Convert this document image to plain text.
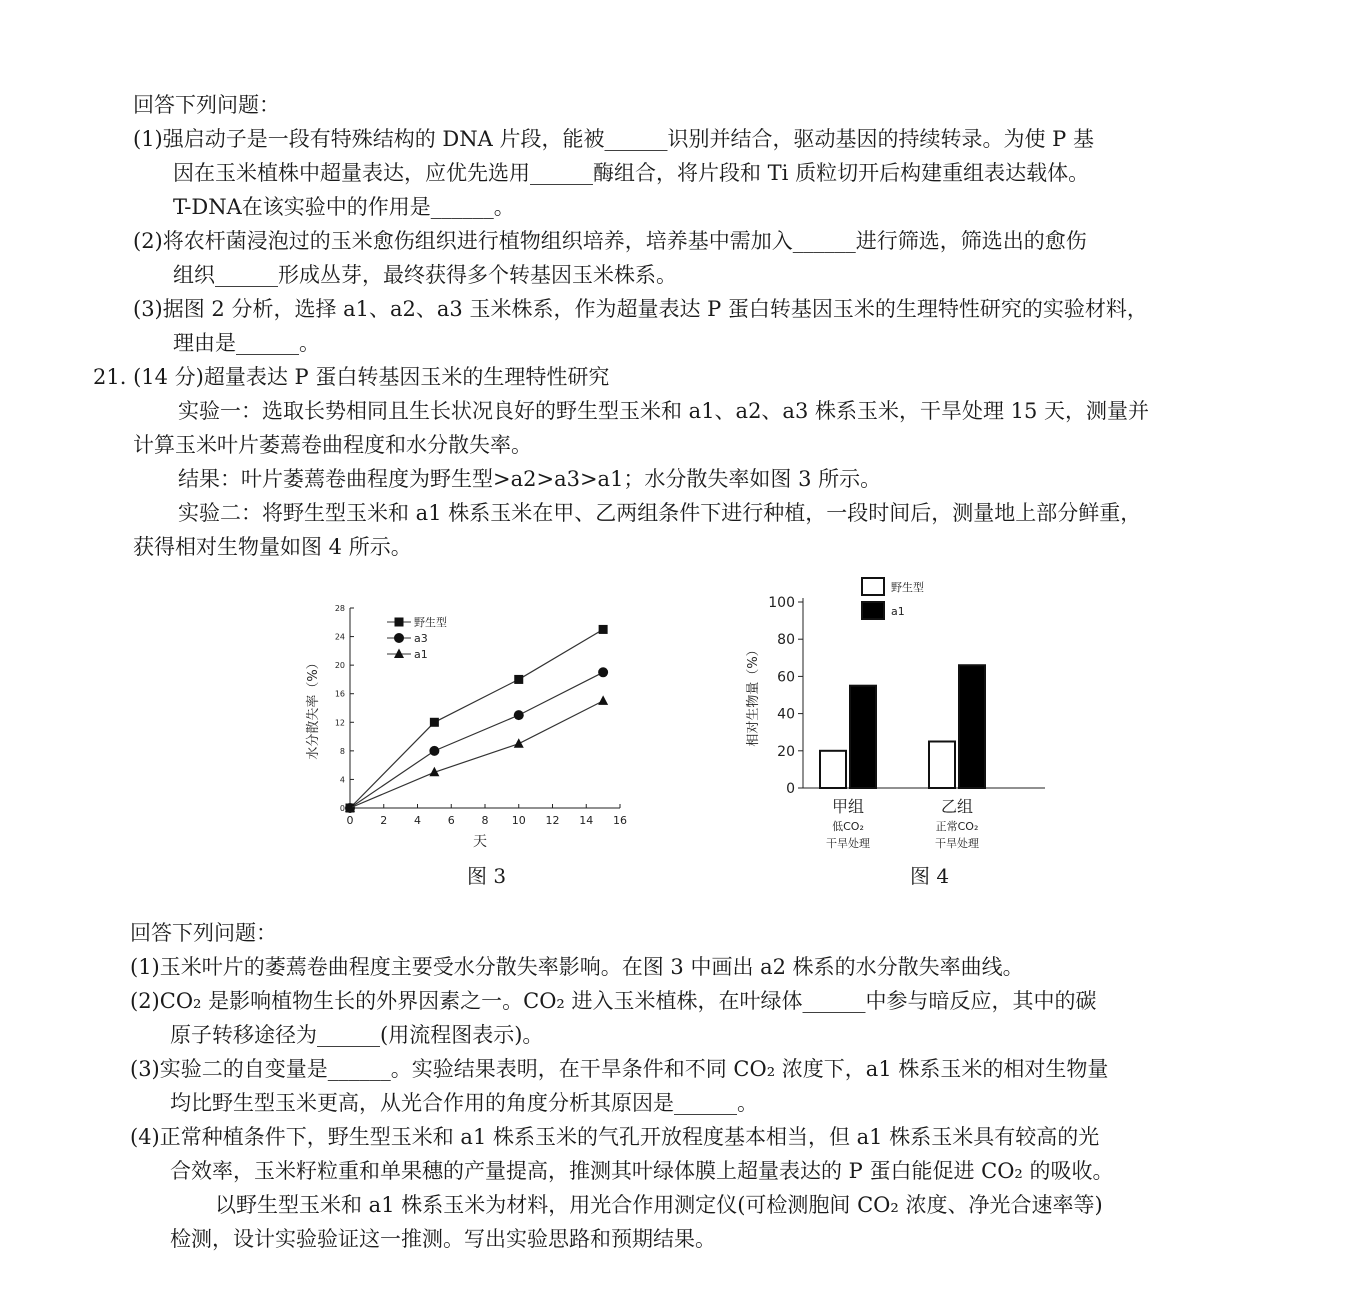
回答下列问题：
(1)强启动子是一段有特殊结构的 DNA 片段，能被______识别并结合，驱动基因的持续转录。为使 P 基
因在玉米植株中超量表达，应优先选用______酶组合，将片段和 Ti 质粒切开后构建重组表达载体。
T-DNA在该实验中的作用是______。
(2)将农杆菌浸泡过的玉米愈伤组织进行植物组织培养，培养基中需加入______进行筛选，筛选出的愈伤
组织______形成丛芽，最终获得多个转基因玉米株系。
(3)据图 2 分析，选择 a1、a2、a3 玉米株系，作为超量表达 P 蛋白转基因玉米的生理特性研究的实验材料，
理由是______。
21. (14 分)超量表达 P 蛋白转基因玉米的生理特性研究
实验一：选取长势相同且生长状况良好的野生型玉米和 a1、a2、a3 株系玉米，干旱处理 15 天，测量并
计算玉米叶片萎蔫卷曲程度和水分散失率。
结果：叶片萎蔫卷曲程度为野生型>a2>a3>a1；水分散失率如图 3 所示。
实验二：将野生型玉米和 a1 株系玉米在甲、乙两组条件下进行种植，一段时间后，测量地上部分鲜重，
获得相对生物量如图 4 所示。
0
4
8
12
16
20
24
28
0 2 4 6 8 10 12 14 16
天
水分散失率（%）
野生型
a3
a1
图 3
0
20
40
60
80
100
相对生物量（%）
甲组
低CO₂
干旱处理
乙组
正常CO₂
干旱处理
野生型
a1
图 4
回答下列问题：
(1)玉米叶片的萎蔫卷曲程度主要受水分散失率影响。在图 3 中画出 a2 株系的水分散失率曲线。
(2)CO₂ 是影响植物生长的外界因素之一。CO₂ 进入玉米植株，在叶绿体______中参与暗反应，其中的碳
原子转移途径为______(用流程图表示)。
(3)实验二的自变量是______。实验结果表明，在干旱条件和不同 CO₂ 浓度下，a1 株系玉米的相对生物量
均比野生型玉米更高，从光合作用的角度分析其原因是______。
(4)正常种植条件下，野生型玉米和 a1 株系玉米的气孔开放程度基本相当，但 a1 株系玉米具有较高的光
合效率，玉米籽粒重和单果穗的产量提高，推测其叶绿体膜上超量表达的 P 蛋白能促进 CO₂ 的吸收。
以野生型玉米和 a1 株系玉米为材料，用光合作用测定仪(可检测胞间 CO₂ 浓度、净光合速率等)
检测，设计实验验证这一推测。写出实验思路和预期结果。
